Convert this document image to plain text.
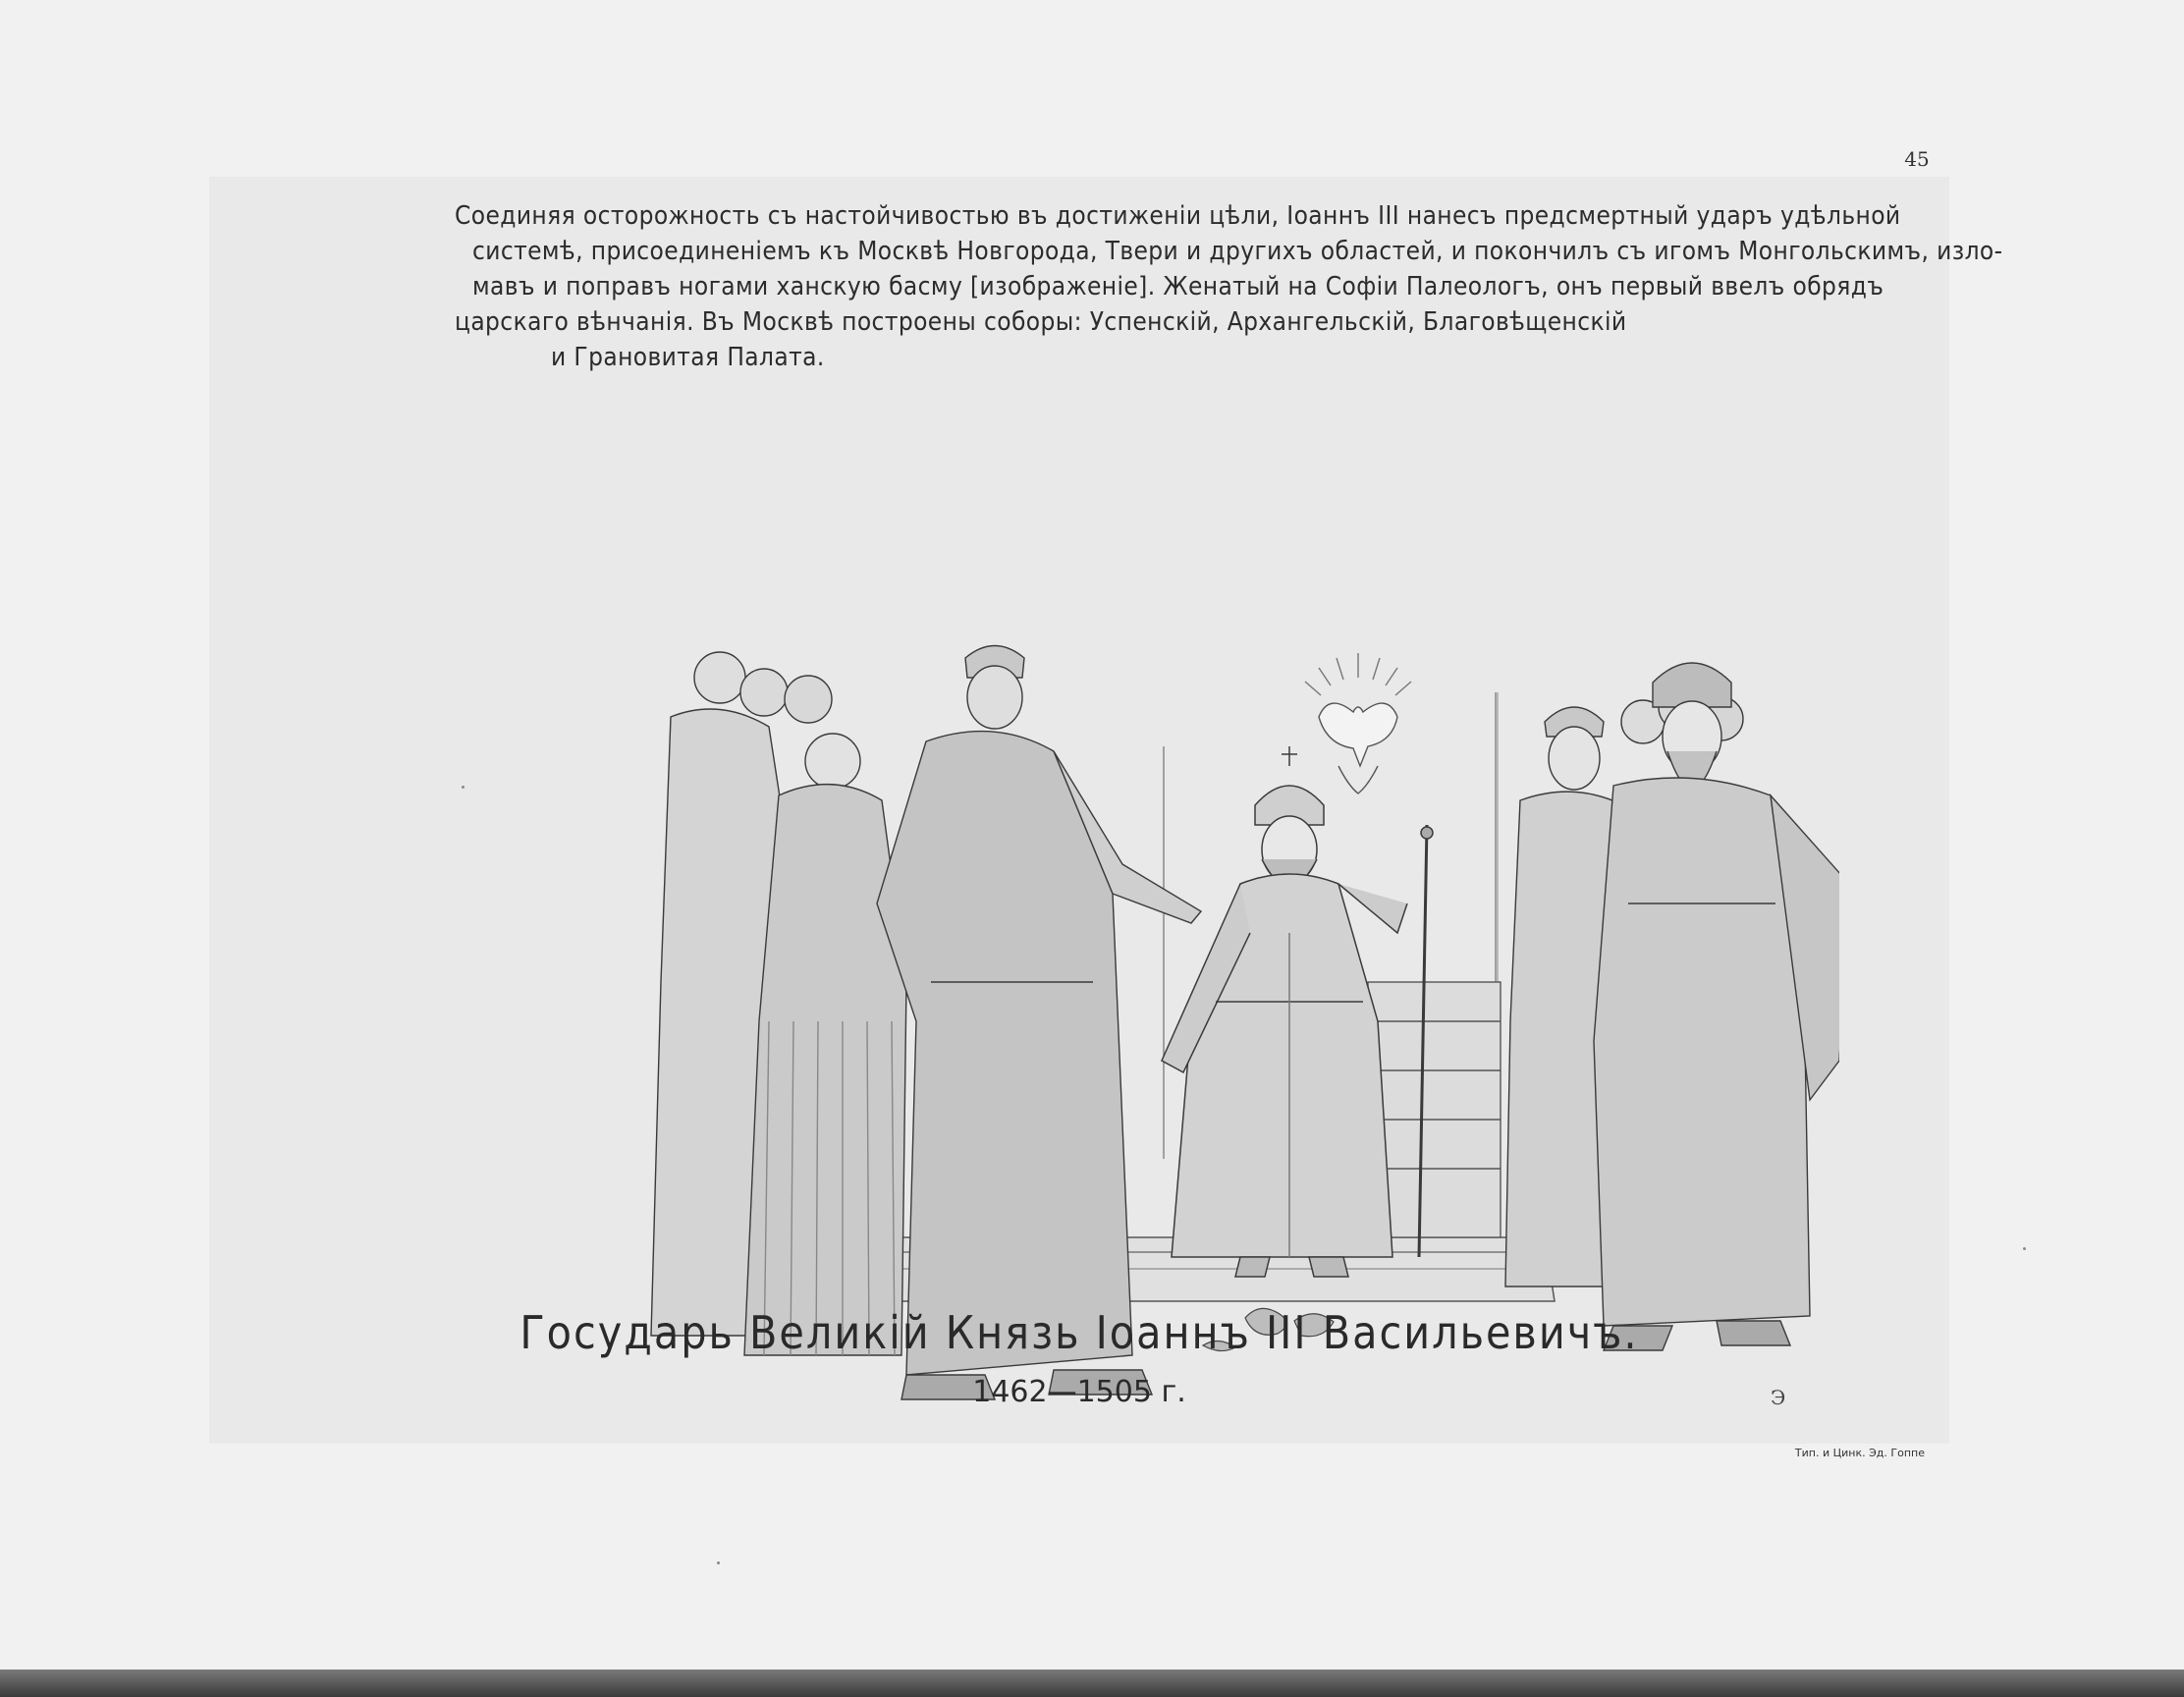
45
Соединяя осторожность съ настойчивостью въ достиженіи цѣли, Іоаннъ III нанесъ предсмертный ударъ удѣльной
системѣ, присоединеніемъ къ Москвѣ Новгорода, Твери и другихъ областей, и покончилъ съ игомъ Монгольскимъ, изло-
мавъ и поправъ ногами ханскую басму [изображеніе]. Женатый на Софіи Палеологъ, онъ первый ввелъ обрядъ
царскаго вѣнчанія. Въ Москвѣ построены соборы: Успенскій, Архангельскій, Благовѣщенскій
и Грановитая Палата.
Э
Государь Великій Князь Іоаннъ III Васильевичъ.
1462—1505 г.
Тип. и Цинк. Эд. Гоппе
